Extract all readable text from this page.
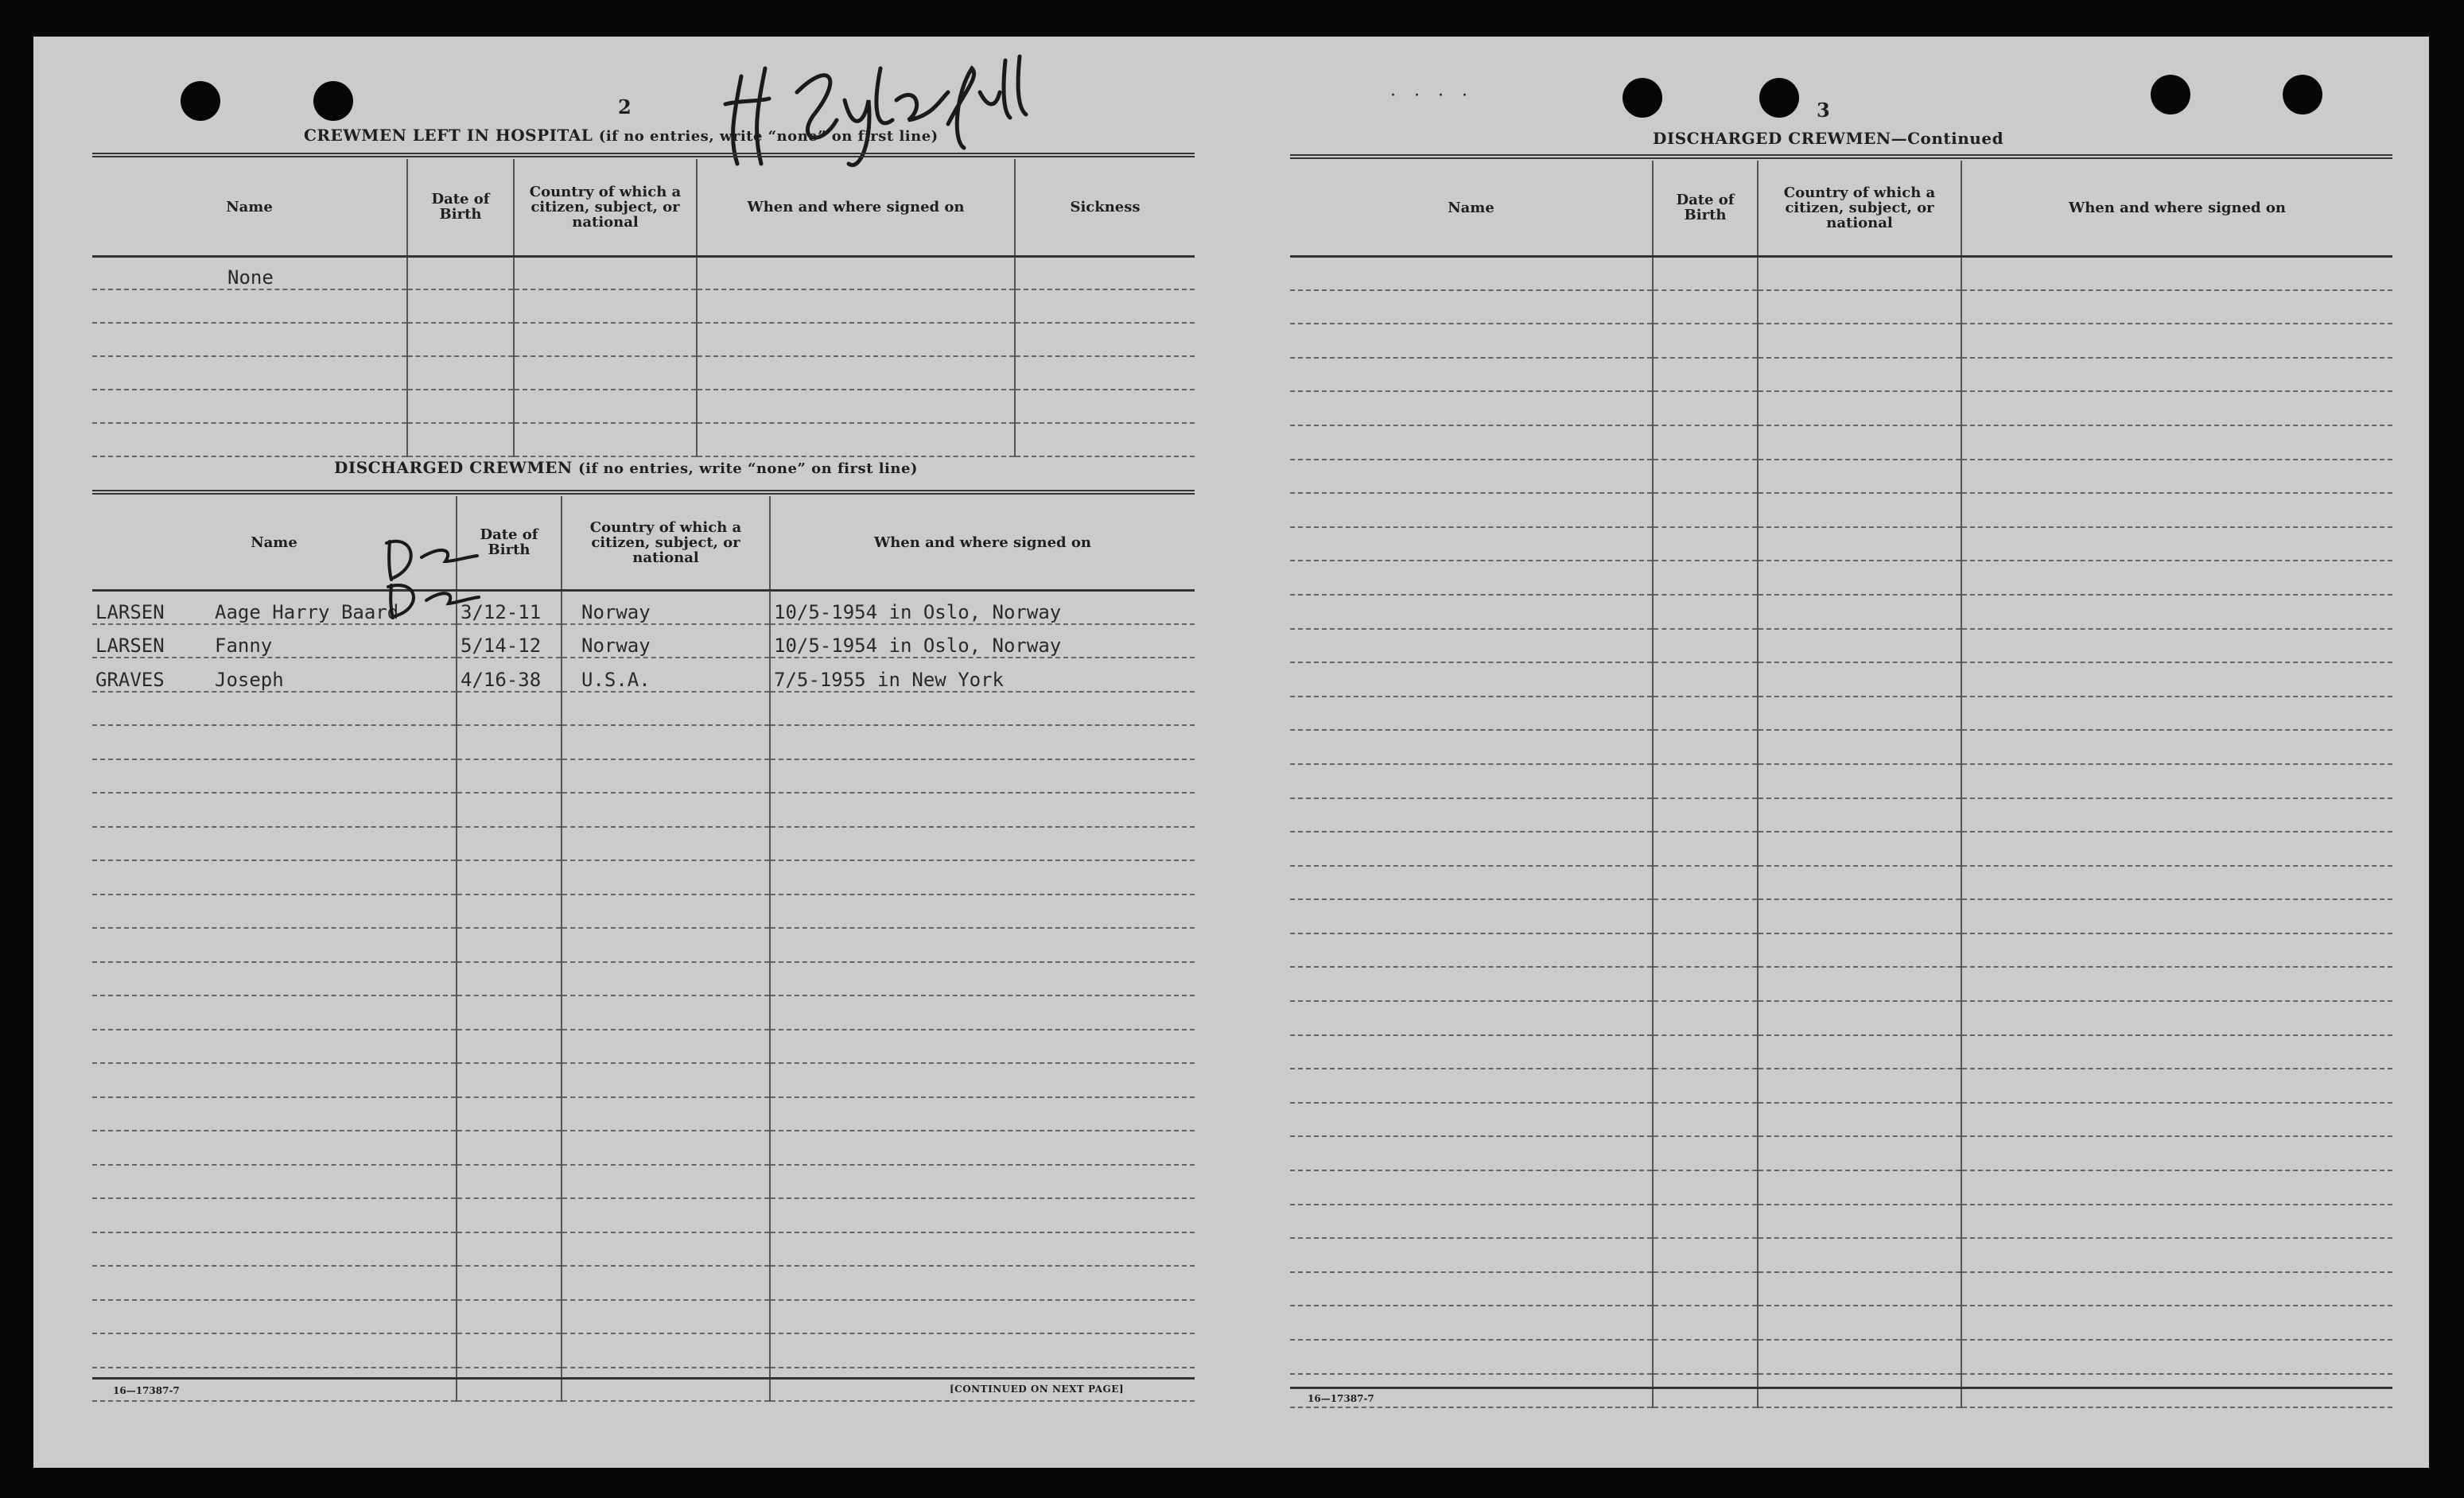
2
CREWMEN LEFT IN HOSPITAL (if no entries, write “none” on first line)
Name	Date of Birth	Country of which a citizen, subject, or national	When and where signed on	Sickness
None				

DISCHARGED CREWMEN (if no entries, write “none” on first line)
Name	Date of Birth	Country of which a citizen, subject, or national	When and where signed on
LARSEN Aage Harry Baard	3/12-11	Norway	10/5-1954 in Oslo, Norway
LARSEN Fanny	5/14-12	Norway	10/5-1954 in Oslo, Norway
GRAVES Joseph	4/16-38	U.S.A.	7/5-1955 in New York

16—17387-7	[CONTINUED ON NEXT PAGE]
· · · ·
3
DISCHARGED CREWMEN—Continued
Name	Date of Birth	Country of which a citizen, subject, or national	When and where signed on

16—17387-7
